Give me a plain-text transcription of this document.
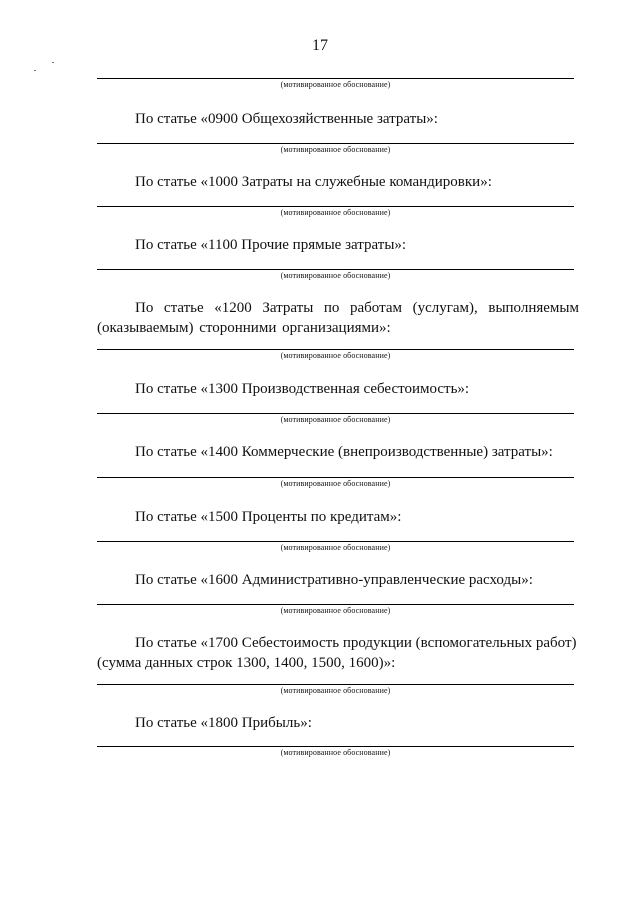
17
(мотивированное обоснование)

По статье «0900 Общехозяйственные затраты»:

(мотивированное обоснование)

По статье «1000 Затраты на служебные командировки»:

(мотивированное обоснование)

По статье «1100 Прочие прямые затраты»:

(мотивированное обоснование)

По статье «1200 Затраты по работам (услугам), выполняемым (оказываемым) сторонними организациями»:

(мотивированное обоснование)

По статье «1300 Производственная себестоимость»:

(мотивированное обоснование)

По статье «1400 Коммерческие (внепроизводственные) затраты»:

(мотивированное обоснование)

По статье «1500 Проценты по кредитам»:

(мотивированное обоснование)

По статье «1600 Административно-управленческие расходы»:

(мотивированное обоснование)

По статье «1700 Себестоимость продукции (вспомогательных работ) (сумма данных строк 1300, 1400, 1500, 1600)»:

(мотивированное обоснование)

По статье «1800 Прибыль»:

(мотивированное обоснование)
